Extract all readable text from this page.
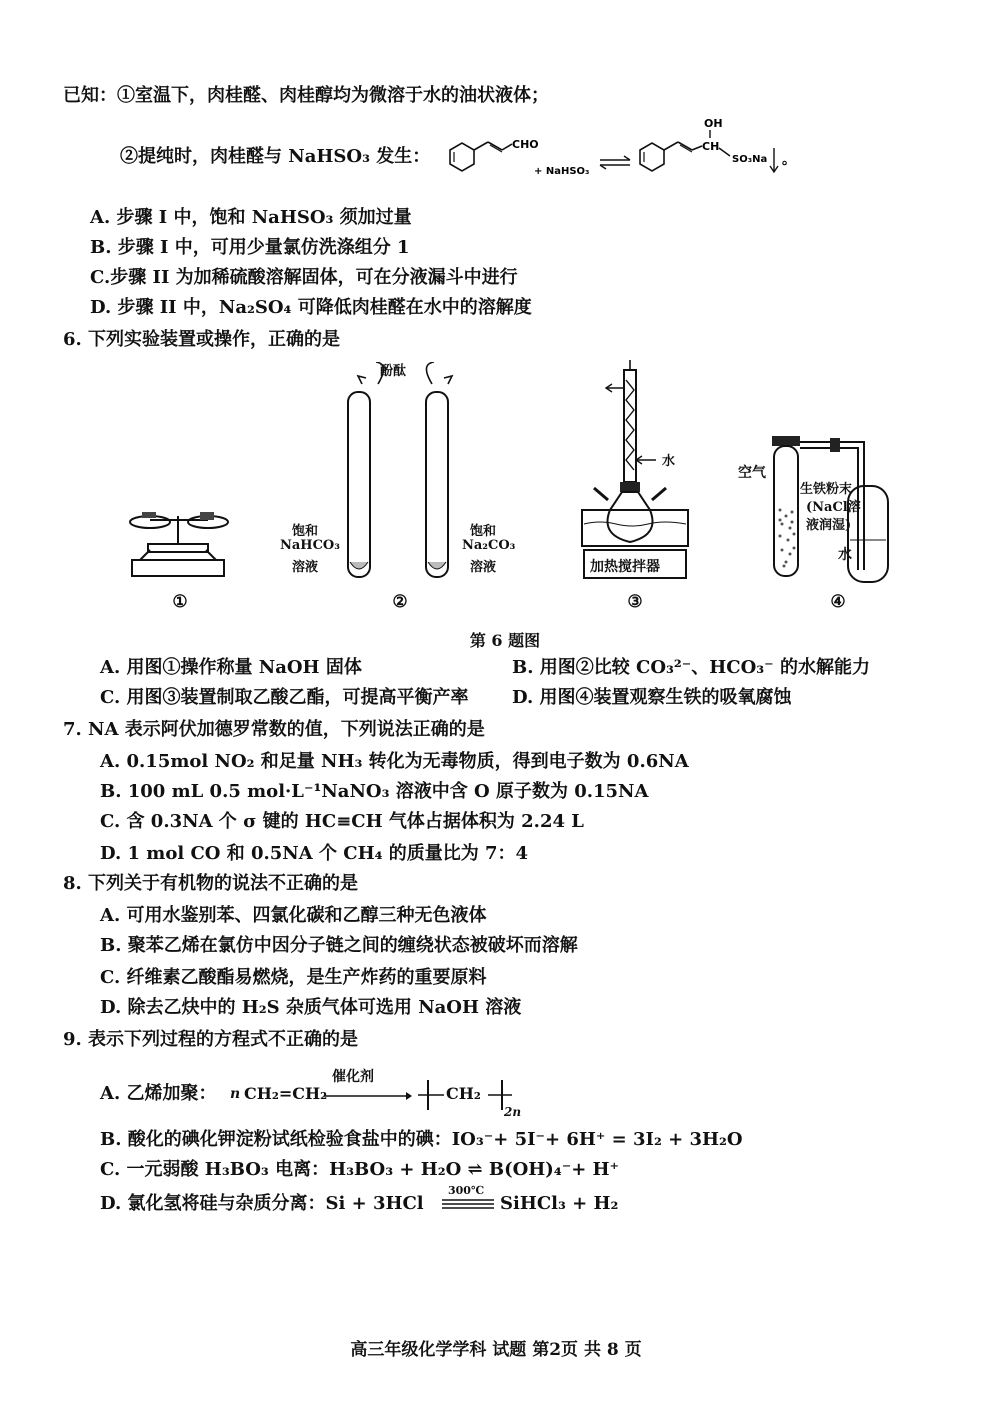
已知：①室温下，肉桂醛、肉桂醇均为微溶于水的油状液体；
②提纯时，肉桂醛与 NaHSO₃ 发生：
CHO
+ NaHSO₃
CH
OH
SO₃Na 。
A. 步骤 I 中，饱和 NaHSO₃ 须加过量
B. 步骤 I 中，可用少量氯仿洗涤组分 1
C.步骤 II 为加稀硫酸溶解固体，可在分液漏斗中进行
D. 步骤 II 中，Na₂SO₄ 可降低肉桂醛在水中的溶解度
6. 下列实验装置或操作，正确的是
①
酚酞
饱和
NaHCO₃
溶液
饱和
Na₂CO₃
溶液
②
水
加热搅拌器
③
空气
生铁粉末
(NaCl溶
液润湿)
水
④
第 6 题图
A. 用图①操作称量 NaOH 固体	B. 用图②比较 CO₃²⁻、HCO₃⁻ 的水解能力
C. 用图③装置制取乙酸乙酯，可提高平衡产率 D. 用图④装置观察生铁的吸氧腐蚀
7. NA 表示阿伏加德罗常数的值，下列说法正确的是
A. 0.15mol NO₂ 和足量 NH₃ 转化为无毒物质，得到电子数为 0.6NA
B. 100 mL 0.5 mol·L⁻¹NaNO₃ 溶液中含 O 原子数为 0.15NA
C. 含 0.3NA 个 σ 键的 HC≡CH 气体占据体积为 2.24 L
D. 1 mol CO 和 0.5NA 个 CH₄ 的质量比为 7：4
8. 下列关于有机物的说法不正确的是
A. 可用水鉴别苯、四氯化碳和乙醇三种无色液体
B. 聚苯乙烯在氯仿中因分子链之间的缠绕状态被破坏而溶解
C. 纤维素乙酸酯易燃烧，是生产炸药的重要原料
D. 除去乙炔中的 H₂S 杂质气体可选用 NaOH 溶液
9. 表示下列过程的方程式不正确的是
A. 乙烯加聚： n CH₂=CH₂
催化剂
CH₂
2n
B. 酸化的碘化钾淀粉试纸检验食盐中的碘：IO₃⁻+ 5I⁻+ 6H⁺ = 3I₂ + 3H₂O
C. 一元弱酸 H₃BO₃ 电离：H₃BO₃ + H₂O ⇌ B(OH)₄⁻+ H⁺
D. 氯化氢将硅与杂质分离：Si + 3HCl
300℃
SiHCl₃ + H₂
高三年级化学学科 试题 第2页 共 8 页
